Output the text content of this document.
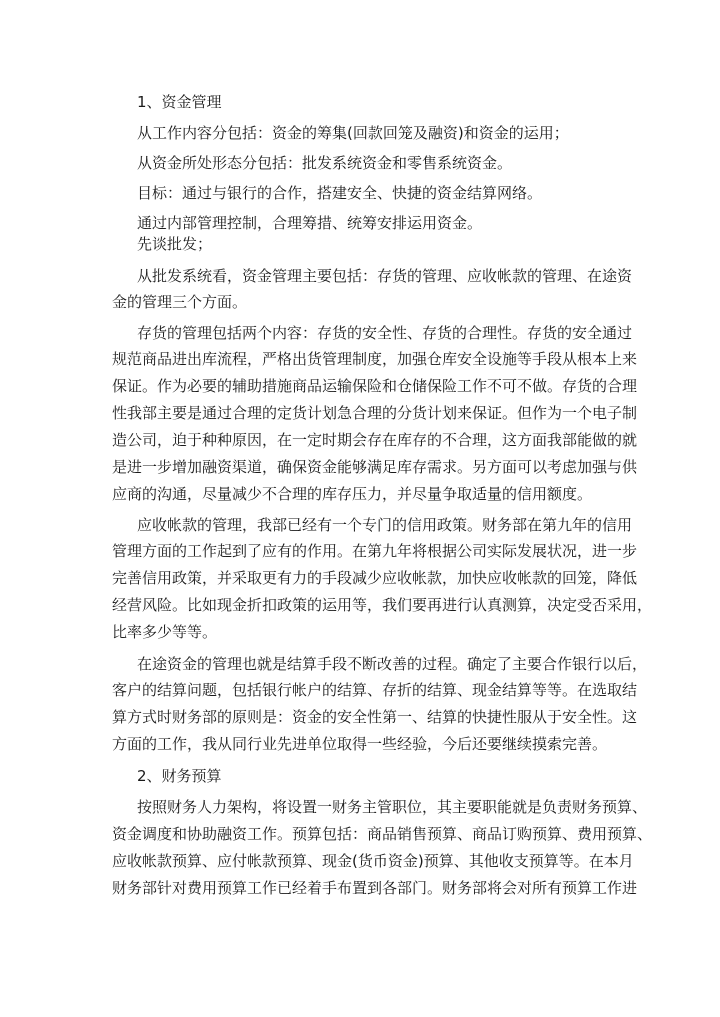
1、资金管理
从工作内容分包括：资金的筹集(回款回笼及融资)和资金的运用；
从资金所处形态分包括：批发系统资金和零售系统资金。
目标：通过与银行的合作，搭建安全、快捷的资金结算网络。
通过内部管理控制，合理筹措、统筹安排运用资金。
先谈批发；
从批发系统看，资金管理主要包括：存货的管理、应收帐款的管理、在途资
金的管理三个方面。
存货的管理包括两个内容：存货的安全性、存货的合理性。存货的安全通过
规范商品进出库流程，严格出货管理制度，加强仓库安全设施等手段从根本上来
保证。作为必要的辅助措施商品运输保险和仓储保险工作不可不做。存货的合理
性我部主要是通过合理的定货计划急合理的分货计划来保证。但作为一个电子制
造公司，迫于种种原因，在一定时期会存在库存的不合理，这方面我部能做的就
是进一步增加融资渠道，确保资金能够满足库存需求。另方面可以考虑加强与供
应商的沟通，尽量减少不合理的库存压力，并尽量争取适量的信用额度。
应收帐款的管理，我部已经有一个专门的信用政策。财务部在第九年的信用
管理方面的工作起到了应有的作用。在第九年将根据公司实际发展状况，进一步
完善信用政策，并采取更有力的手段减少应收帐款，加快应收帐款的回笼，降低
经营风险。比如现金折扣政策的运用等，我们要再进行认真测算，决定受否采用，
比率多少等等。
在途资金的管理也就是结算手段不断改善的过程。确定了主要合作银行以后，
客户的结算问题，包括银行帐户的结算、存折的结算、现金结算等等。在选取结
算方式时财务部的原则是：资金的安全性第一、结算的快捷性服从于安全性。这
方面的工作，我从同行业先进单位取得一些经验，今后还要继续摸索完善。
2、财务预算
按照财务人力架构，将设置一财务主管职位，其主要职能就是负责财务预算、
资金调度和协助融资工作。预算包括：商品销售预算、商品订购预算、费用预算、
应收帐款预算、应付帐款预算、现金(货币资金)预算、其他收支预算等。在本月
财务部针对费用预算工作已经着手布置到各部门。财务部将会对所有预算工作进
